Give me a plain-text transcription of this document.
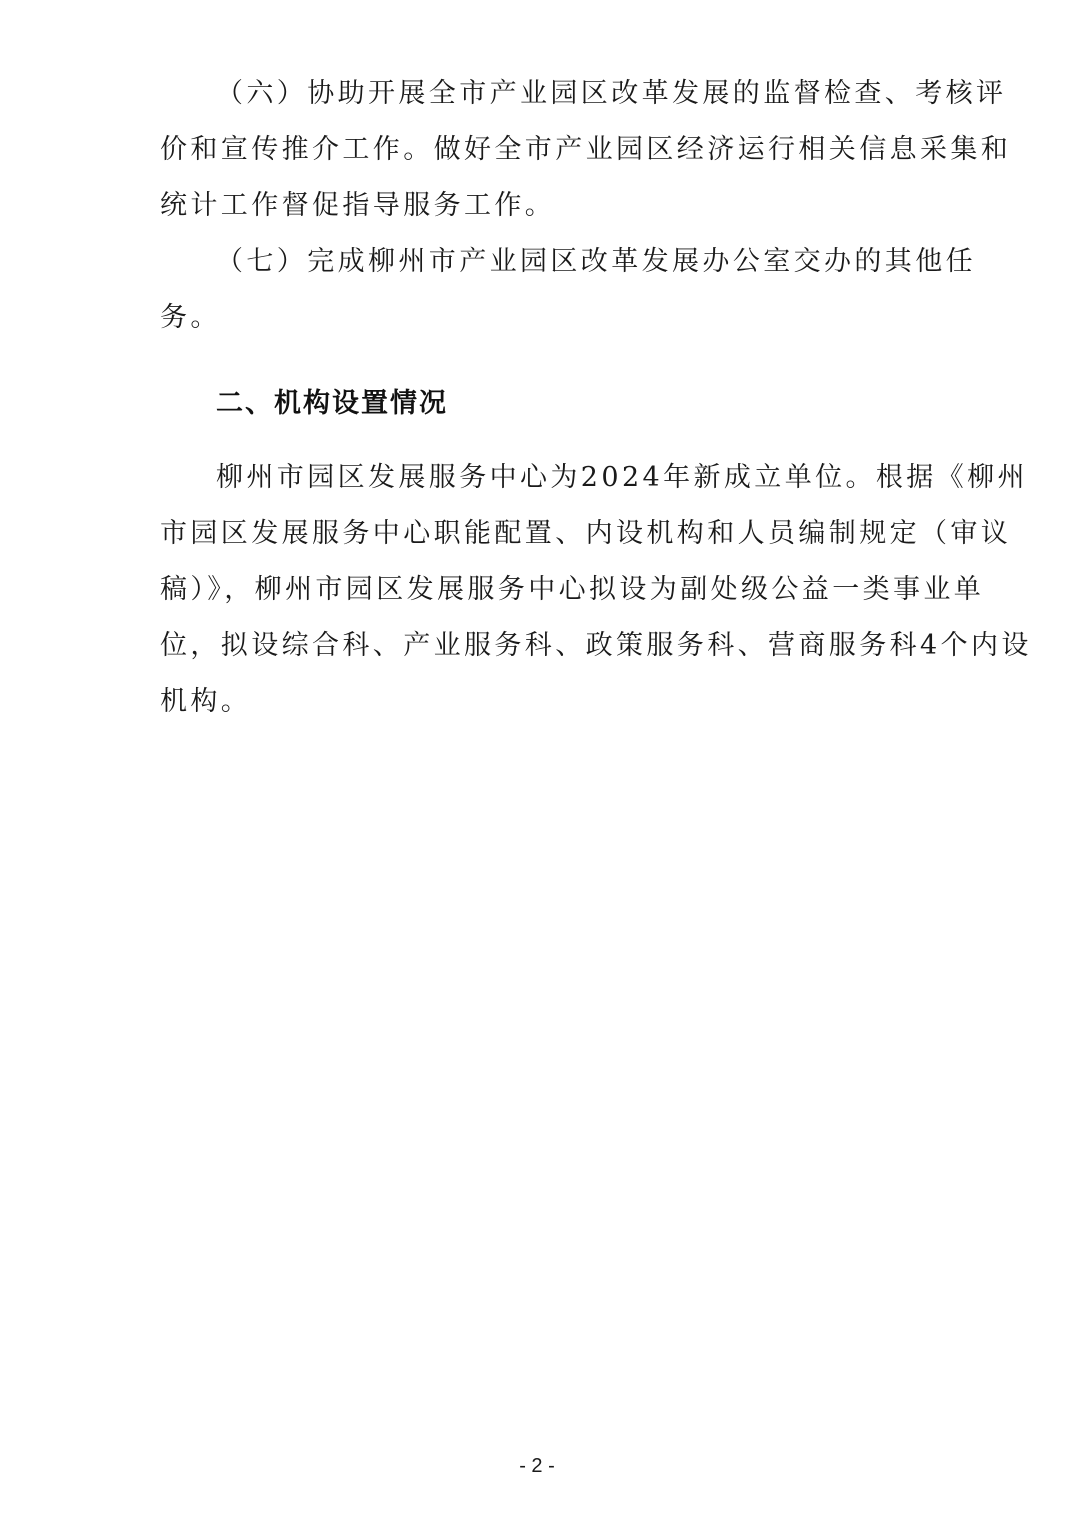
（六）协助开展全市产业园区改革发展的监督检查、考核评
价和宣传推介工作。做好全市产业园区经济运行相关信息采集和
统计工作督促指导服务工作。

（七）完成柳州市产业园区改革发展办公室交办的其他任
务。

二、机构设置情况

柳州市园区发展服务中心为2024年新成立单位。根据《柳州
市园区发展服务中心职能配置、内设机构和人员编制规定（审议
稿）》，柳州市园区发展服务中心拟设为副处级公益一类事业单
位，拟设综合科、产业服务科、政策服务科、营商服务科4个内设
机构。

- 2 -
